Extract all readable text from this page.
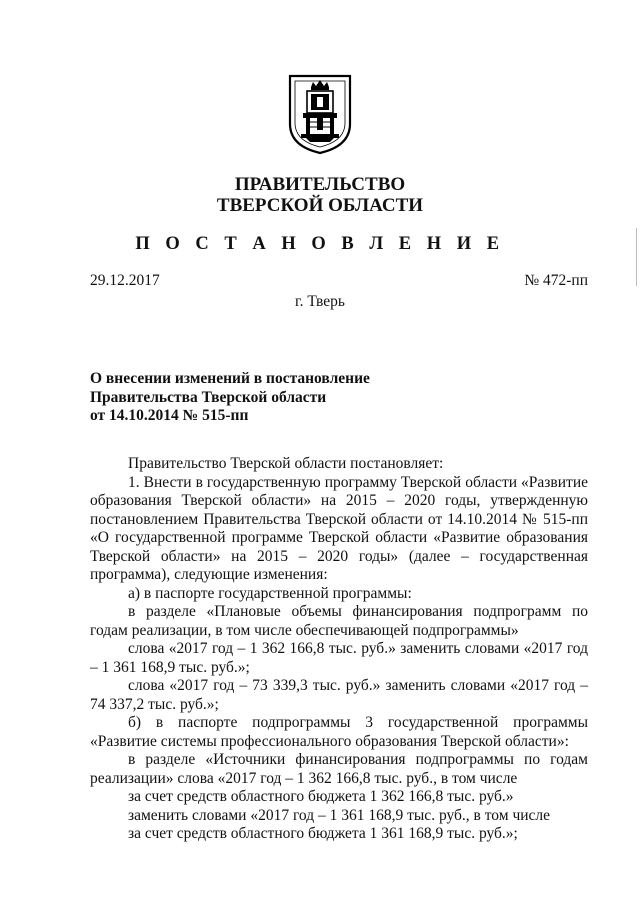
ПРАВИТЕЛЬСТВО
ТВЕРСКОЙ ОБЛАСТИ
П О С Т А Н О В Л Е Н И Е
29.12.2017	№ 472-пп
г. Тверь
О внесении изменений в постановление
Правительства Тверской области
от 14.10.2014 № 515-пп

Правительство Тверской области постановляет:

1. Внести в государственную программу Тверской области «Развитие образования Тверской области» на 2015 – 2020 годы, утвержденную постановлением Правительства Тверской области от 14.10.2014 № 515-пп «О государственной программе Тверской области «Развитие образования Тверской области» на 2015 – 2020 годы» (далее – государственная программа), следующие изменения:

а) в паспорте государственной программы:

в разделе «Плановые объемы финансирования подпрограмм по годам реализации, в том числе обеспечивающей подпрограммы»

слова «2017 год – 1 362 166,8 тыс. руб.» заменить словами «2017 год – 1 361 168,9 тыс. руб.»;

слова «2017 год – 73 339,3 тыс. руб.» заменить словами «2017 год – 74 337,2 тыс. руб.»;

б) в паспорте подпрограммы 3 государственной программы «Развитие системы профессионального образования Тверской области»:

в разделе «Источники финансирования подпрограммы по годам реализации» слова «2017 год – 1 362 166,8 тыс. руб., в том числе

за счет средств областного бюджета 1 362 166,8 тыс. руб.»

заменить словами «2017 год – 1 361 168,9 тыс. руб., в том числе

за счет средств областного бюджета 1 361 168,9 тыс. руб.»;
